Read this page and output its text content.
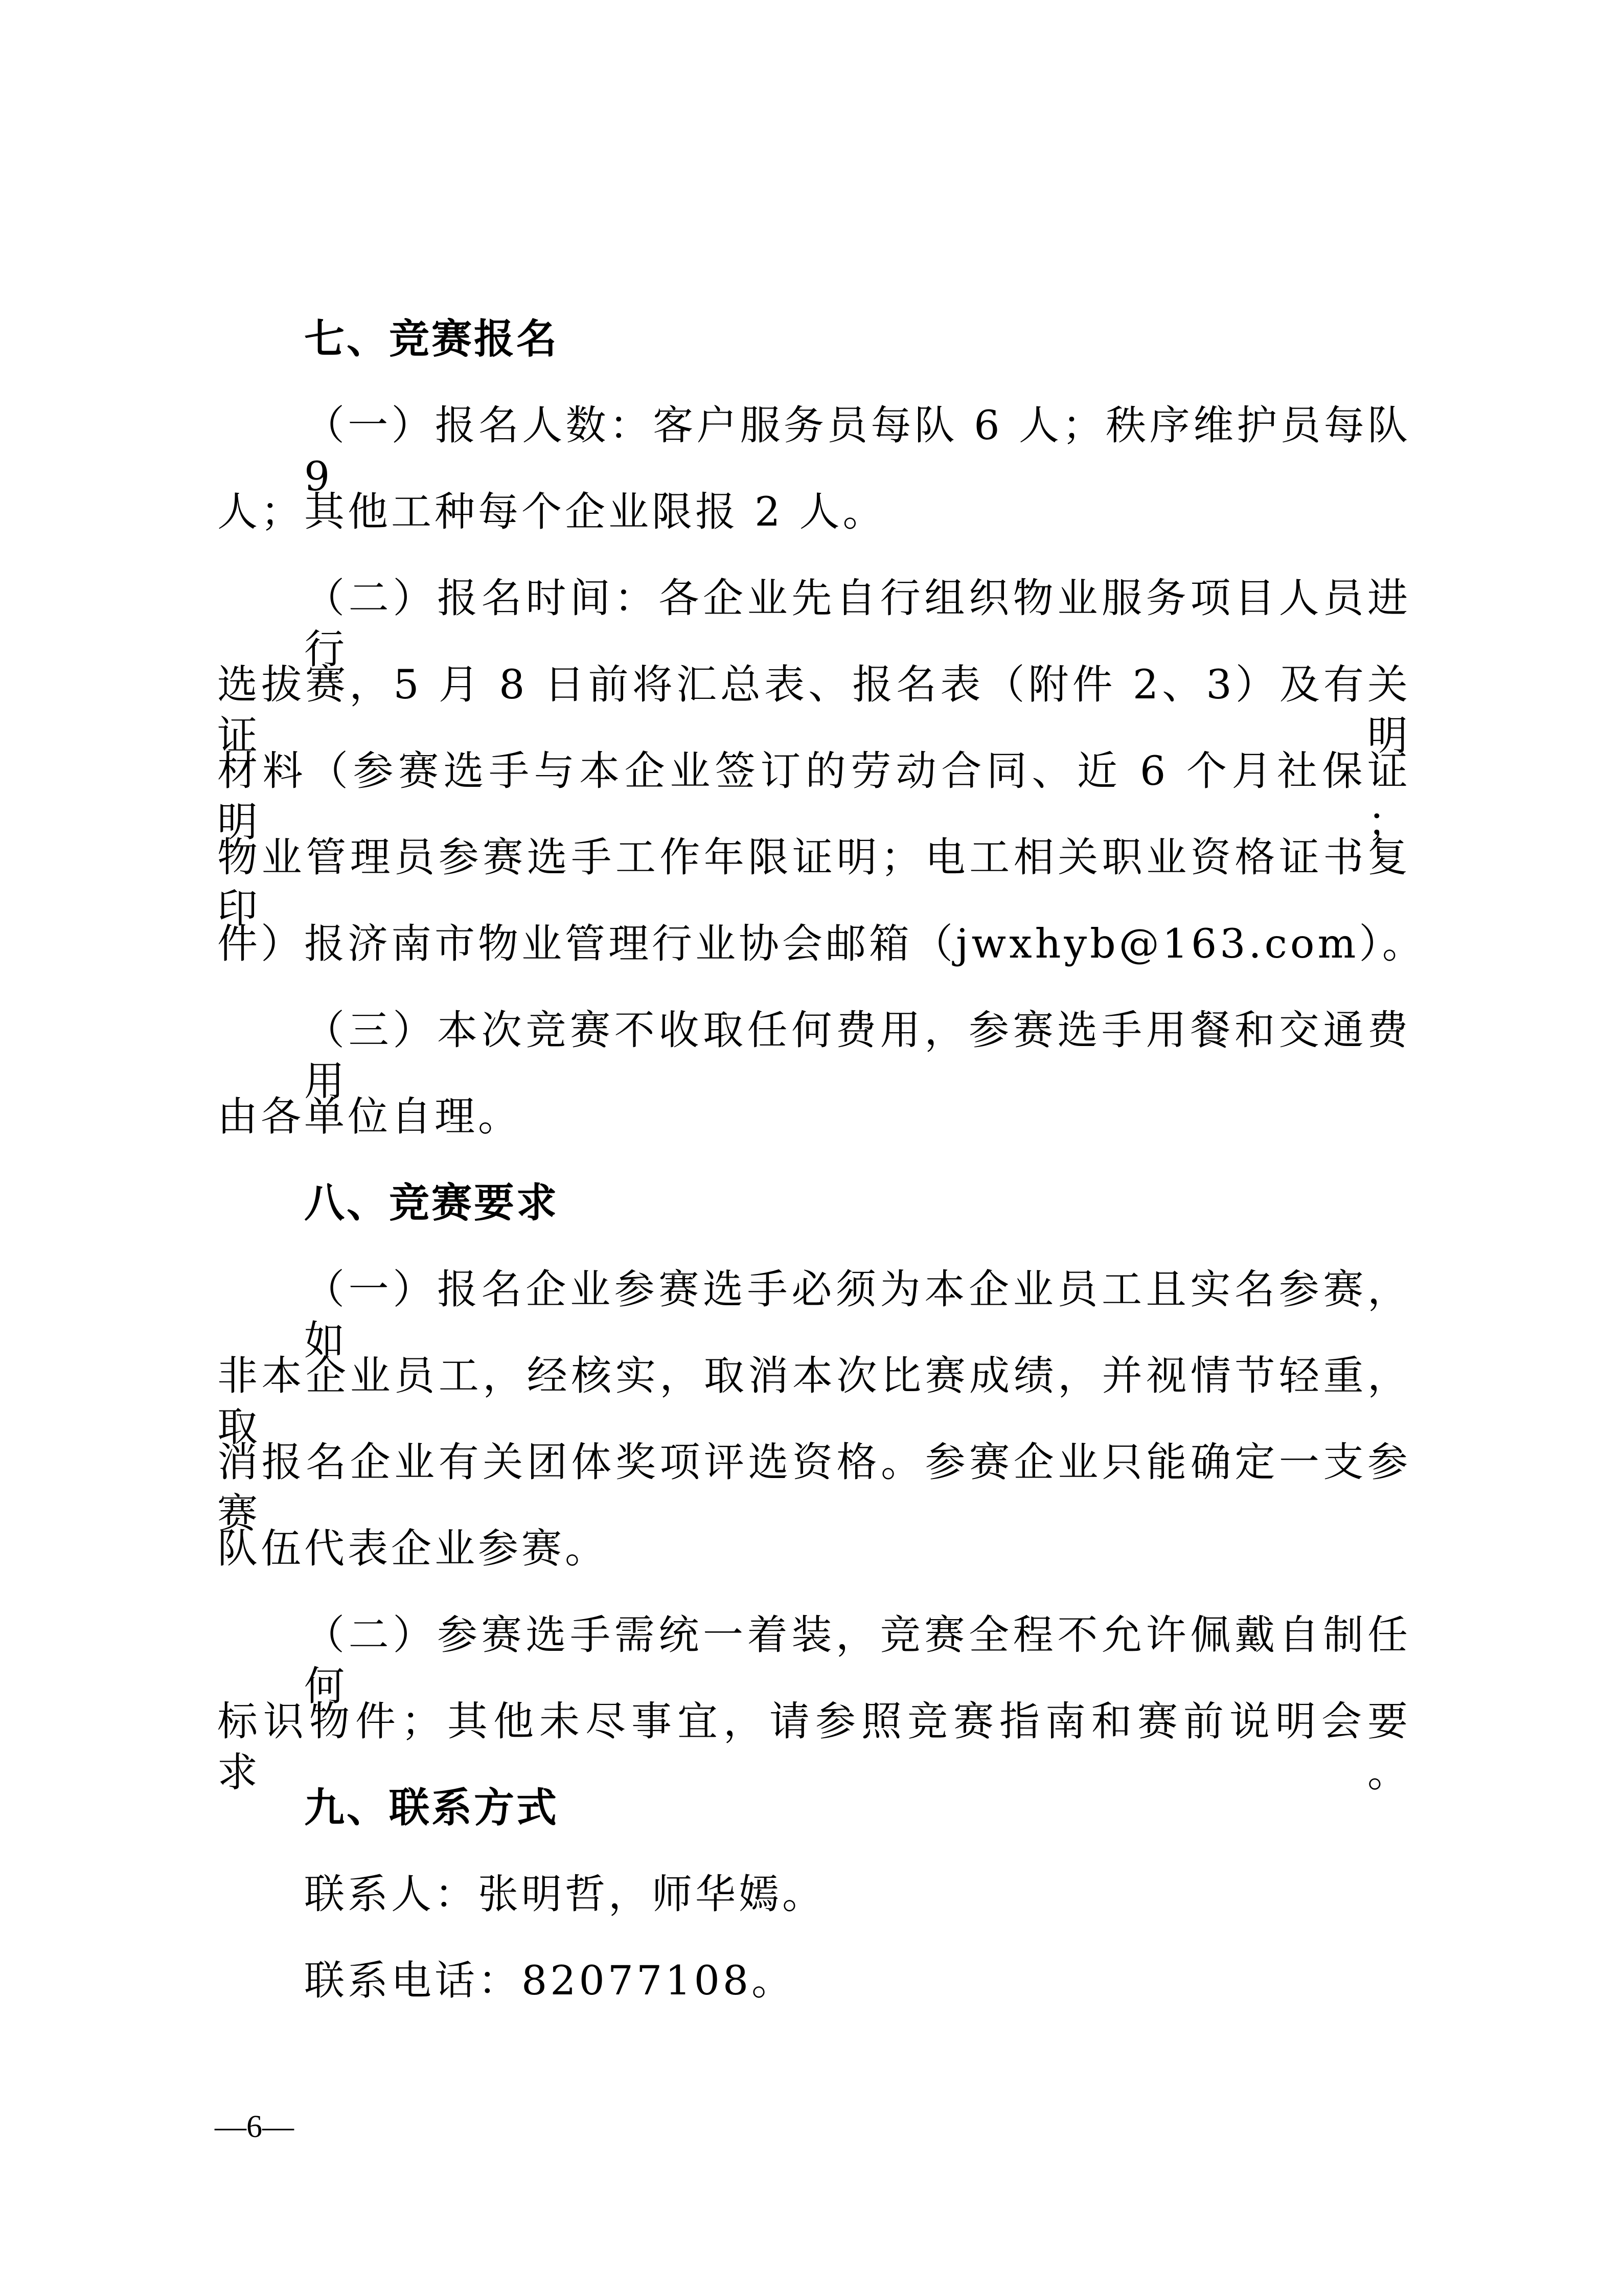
七、竞赛报名
（一）报名人数：客户服务员每队 6 人；秩序维护员每队 9
人；其他工种每个企业限报 2 人。
（二）报名时间：各企业先自行组织物业服务项目人员进行
选拔赛，5 月 8 日前将汇总表、报名表（附件 2、3）及有关证明
材料（参赛选手与本企业签订的劳动合同、近 6 个月社保证明；
物业管理员参赛选手工作年限证明；电工相关职业资格证书复印
件）报济南市物业管理行业协会邮箱（jwxhyb@163.com）。
（三）本次竞赛不收取任何费用，参赛选手用餐和交通费用
由各单位自理。
八、竞赛要求
（一）报名企业参赛选手必须为本企业员工且实名参赛，如
非本企业员工，经核实，取消本次比赛成绩，并视情节轻重，取
消报名企业有关团体奖项评选资格。参赛企业只能确定一支参赛
队伍代表企业参赛。
（二）参赛选手需统一着装，竞赛全程不允许佩戴自制任何
标识物件；其他未尽事宜，请参照竞赛指南和赛前说明会要求。
九、联系方式
联系人：张明哲，师华嫣。
联系电话：82077108。
—6—
